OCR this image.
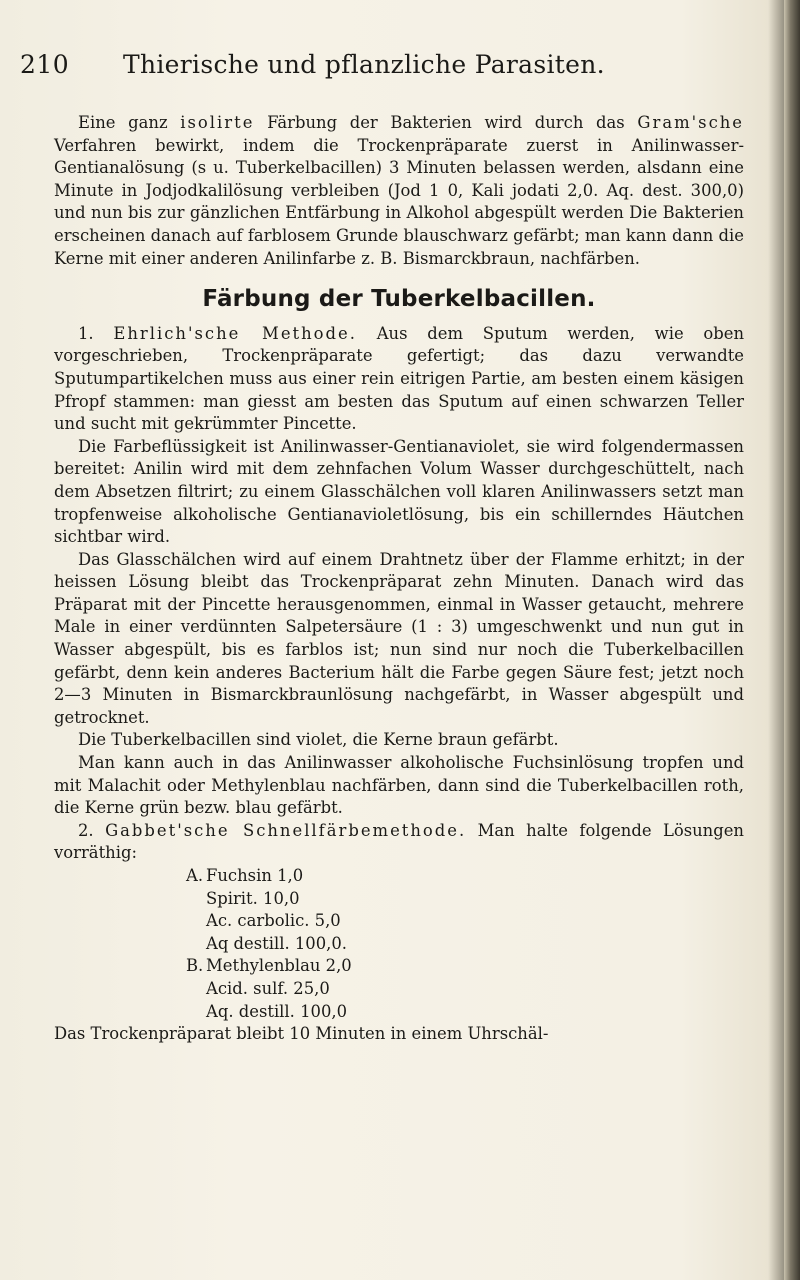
210 Thierische und pflanzliche Parasiten.

Eine ganz isolirte Färbung der Bakterien wird durch das Gram'sche Verfahren bewirkt, indem die Trockenpräparate zuerst in Anilinwasser-Gentianalösung (s u. Tuberkelbacillen) 3 Minuten belassen werden, alsdann eine Minute in Jodjodkalilösung verbleiben (Jod 1 0, Kali jodati 2,0. Aq. dest. 300,0) und nun bis zur gänzlichen Entfärbung in Alkohol abgespült werden Die Bakterien erscheinen danach auf farblosem Grunde blauschwarz gefärbt; man kann dann die Kerne mit einer anderen Anilinfarbe z. B. Bismarckbraun, nachfärben.

Färbung der Tuberkelbacillen.

1. Ehrlich'sche Methode. Aus dem Sputum werden, wie oben vorgeschrieben, Trockenpräparate gefertigt; das dazu verwandte Sputumpartikelchen muss aus einer rein eitrigen Partie, am besten einem käsigen Pfropf stammen: man giesst am besten das Sputum auf einen schwarzen Teller und sucht mit gekrümmter Pincette.

Die Farbeflüssigkeit ist Anilinwasser-Gentianaviolet, sie wird folgendermassen bereitet: Anilin wird mit dem zehnfachen Volum Wasser durchgeschüttelt, nach dem Absetzen filtrirt; zu einem Glasschälchen voll klaren Anilinwassers setzt man tropfenweise alkoholische Gentianavioletlösung, bis ein schillerndes Häutchen sichtbar wird.

Das Glasschälchen wird auf einem Drahtnetz über der Flamme erhitzt; in der heissen Lösung bleibt das Trockenpräparat zehn Minuten. Danach wird das Präparat mit der Pincette herausgenommen, einmal in Wasser getaucht, mehrere Male in einer verdünnten Salpetersäure (1 : 3) umgeschwenkt und nun gut in Wasser abgespült, bis es farblos ist; nun sind nur noch die Tuberkelbacillen gefärbt, denn kein anderes Bacterium hält die Farbe gegen Säure fest; jetzt noch 2—3 Minuten in Bismarckbraunlösung nachgefärbt, in Wasser abgespült und getrocknet.

Die Tuberkelbacillen sind violet, die Kerne braun gefärbt.

Man kann auch in das Anilinwasser alkoholische Fuchsinlösung tropfen und mit Malachit oder Methylenblau nachfärben, dann sind die Tuberkelbacillen roth, die Kerne grün bezw. blau gefärbt.

2. Gabbet'sche Schnellfärbemethode. Man halte folgende Lösungen vorräthig:

A. Fuchsin 1,0
Spirit. 10,0
Ac. carbolic. 5,0
Aq destill. 100,0.
B. Methylenblau 2,0
Acid. sulf. 25,0
Aq. destill. 100,0

Das Trockenpräparat bleibt 10 Minuten in einem Uhrschäl-
